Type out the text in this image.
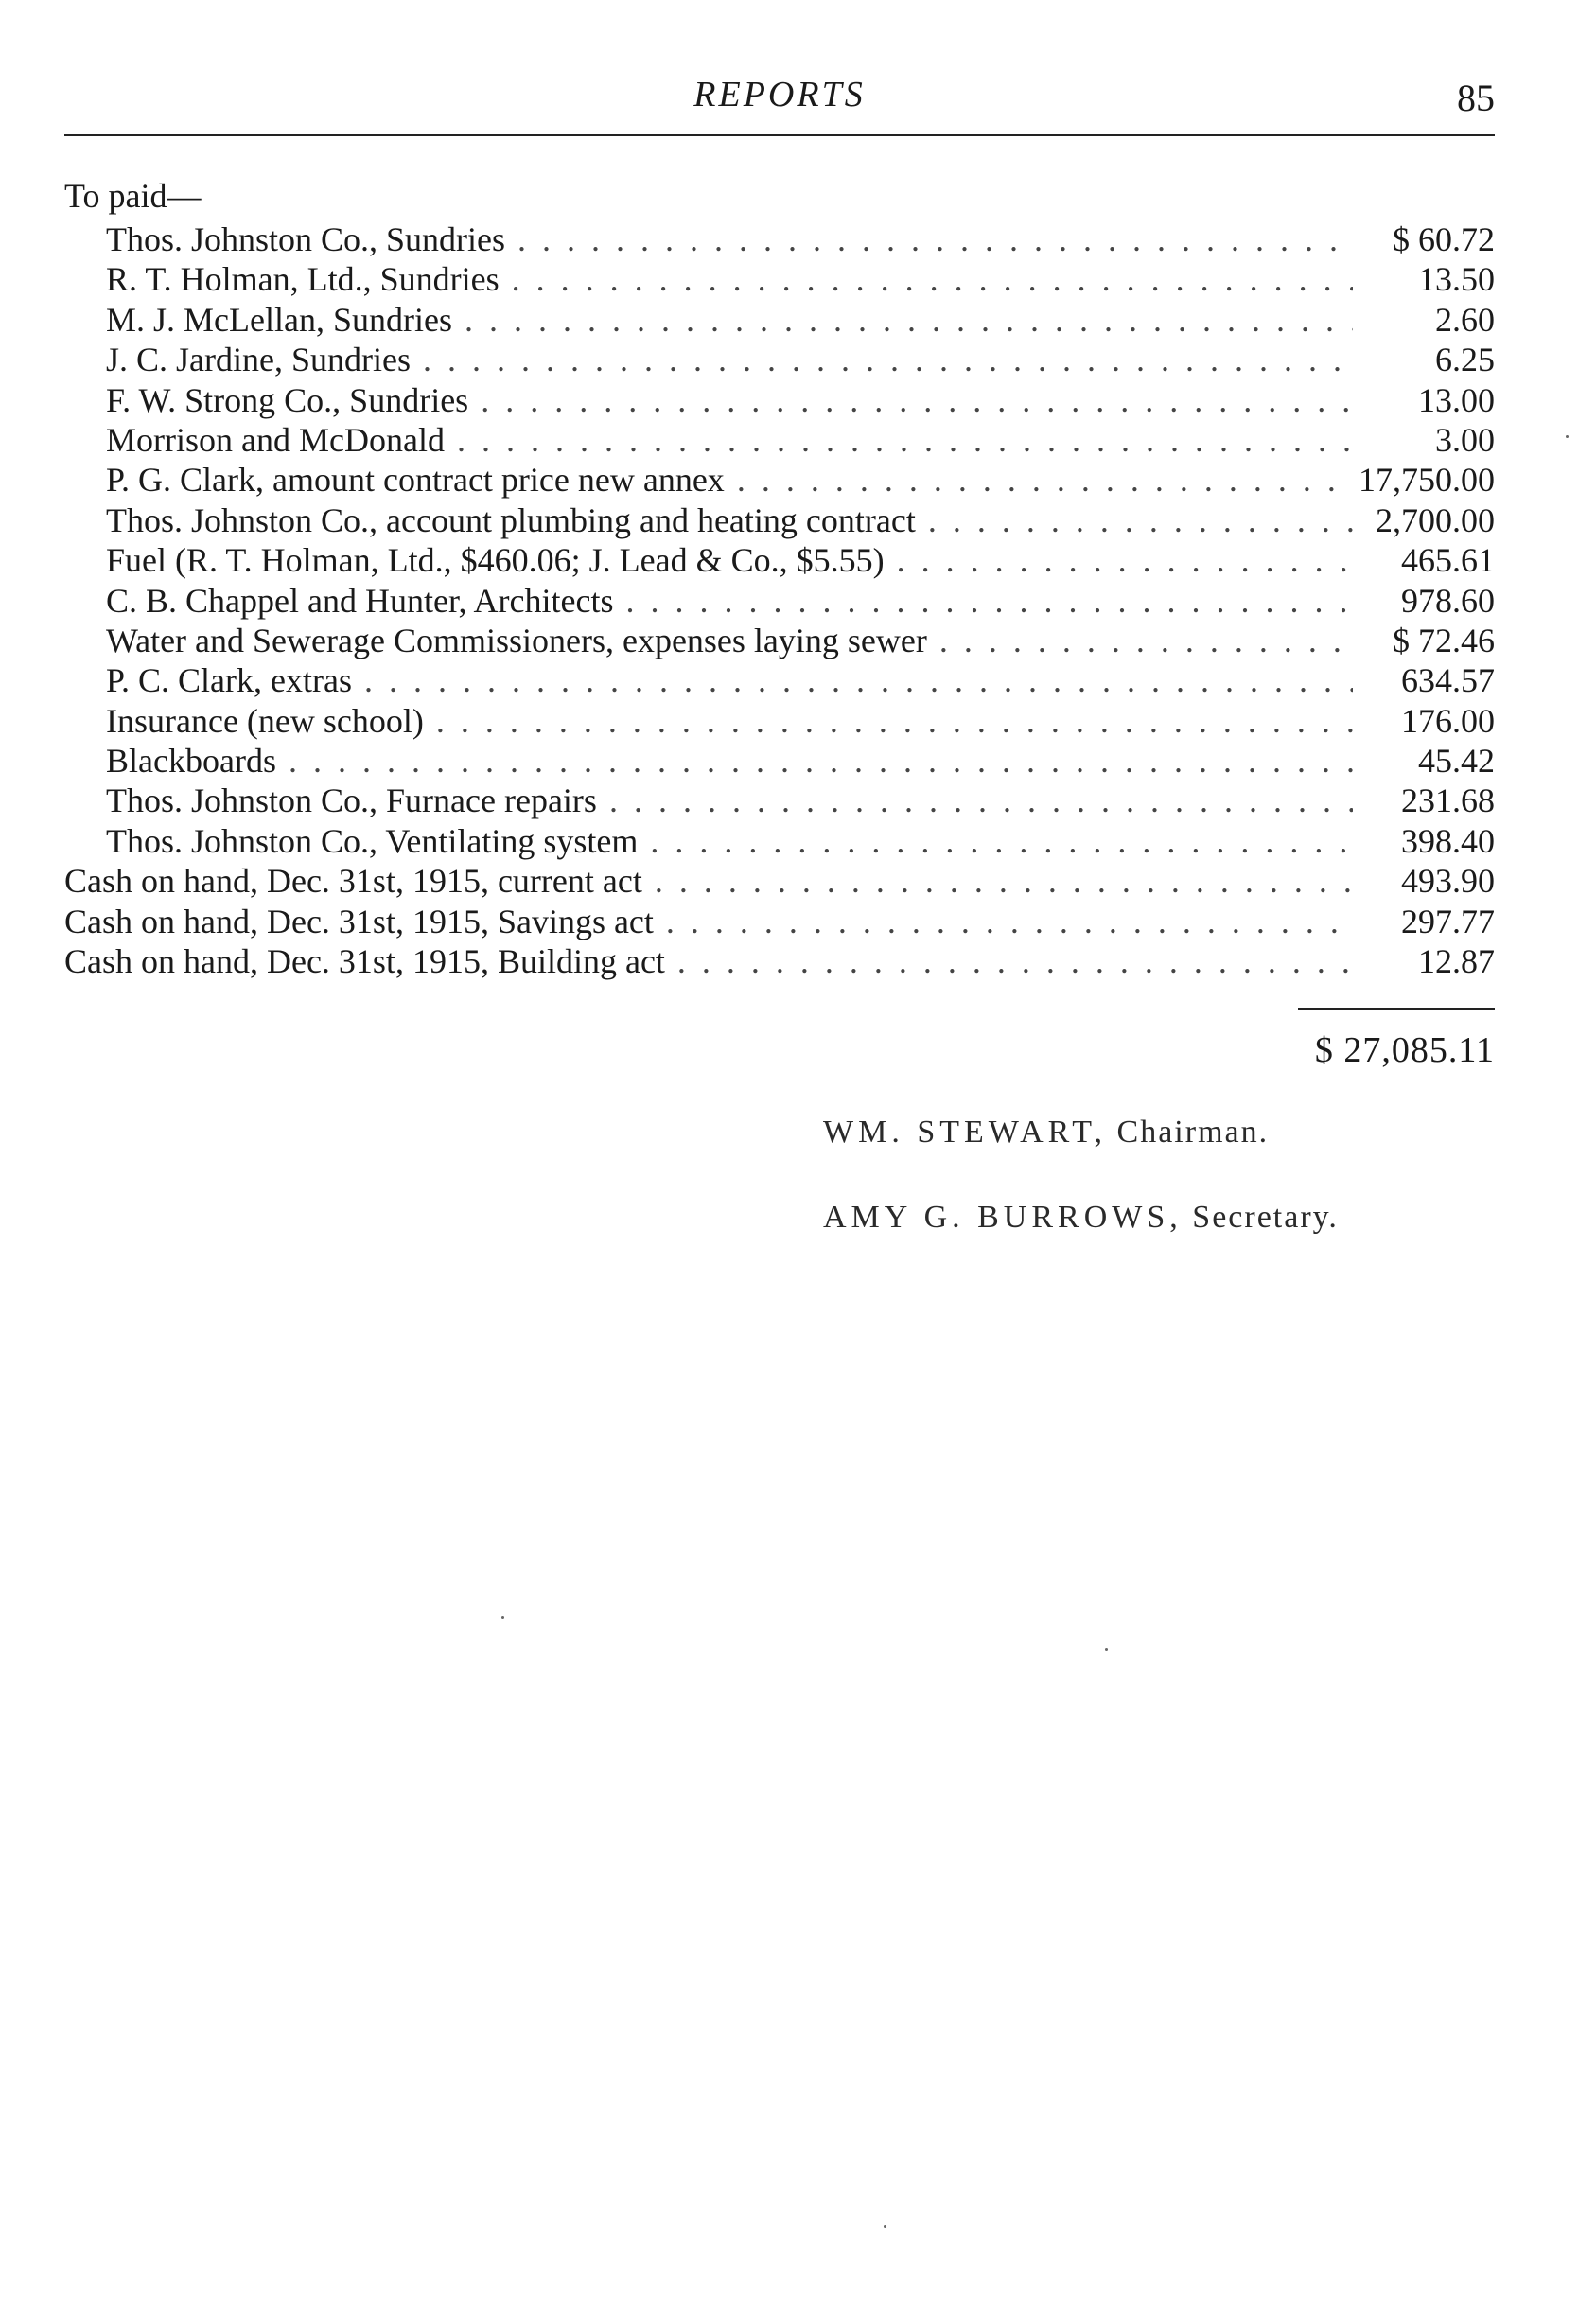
REPORTS	85
To paid—
Thos. Johnston Co., Sundries . . .	$ 60.72
R. T. Holman, Ltd., Sundries . . .	13.50
M. J. McLellan, Sundries . . .	2.60
J. C. Jardine, Sundries . . .	6.25
F. W. Strong Co., Sundries . . .	13.00
Morrison and McDonald . . .	3.00
P. G. Clark, amount contract price new annex . . .	17,750.00
Thos. Johnston Co., account plumbing and heating contract . . .	2,700.00
Fuel (R. T. Holman, Ltd., $460.06; J. Lead & Co., $5.55) . . .	465.61
C. B. Chappel and Hunter, Architects . . .	978.60
Water and Sewerage Commissioners, expenses laying sewer . . .	$ 72.46
P. C. Clark, extras . . .	634.57
Insurance (new school) . . .	176.00
Blackboards . . .	45.42
Thos. Johnston Co., Furnace repairs . . .	231.68
Thos. Johnston Co., Ventilating system . . .	398.40
Cash on hand, Dec. 31st, 1915, current act . . .	493.90
Cash on hand, Dec. 31st, 1915, Savings act . . .	297.77
Cash on hand, Dec. 31st, 1915, Building act . . .	12.87
$ 27,085.11
WM. STEWART, Chairman.
AMY G. BURROWS, Secretary.
